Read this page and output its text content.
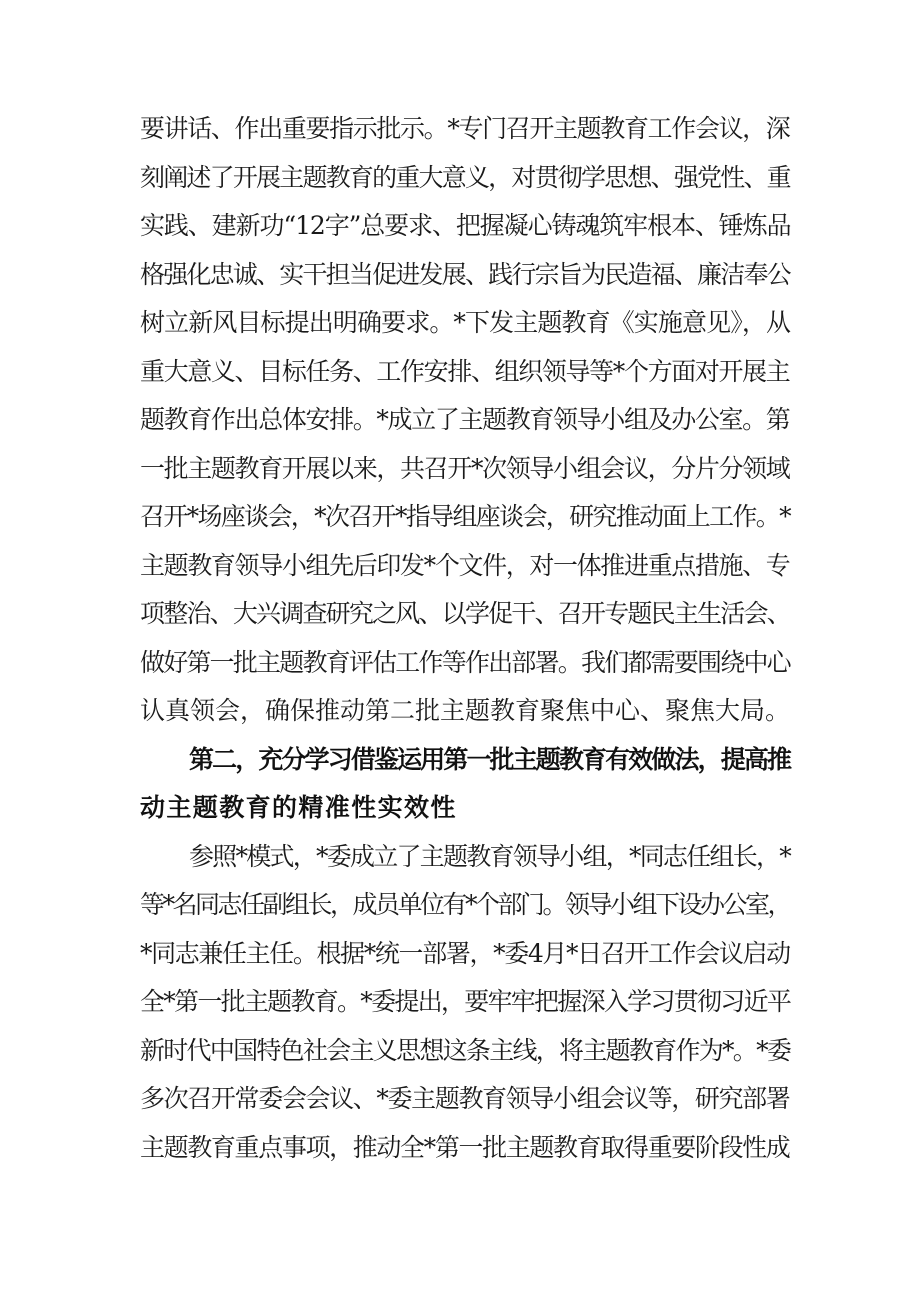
要讲话、作出重要指示批示。*专门召开主题教育工作会议，深
刻阐述了开展主题教育的重大意义，对贯彻学思想、强党性、重
实践、建新功“12字”总要求、把握凝心铸魂筑牢根本、锤炼品
格强化忠诚、实干担当促进发展、践行宗旨为民造福、廉洁奉公
树立新风目标提出明确要求。*下发主题教育《实施意见》，从
重大意义、目标任务、工作安排、组织领导等*个方面对开展主
题教育作出总体安排。*成立了主题教育领导小组及办公室。第
一批主题教育开展以来，共召开*次领导小组会议，分片分领域
召开*场座谈会，*次召开*指导组座谈会，研究推动面上工作。*
主题教育领导小组先后印发*个文件，对一体推进重点措施、专
项整治、大兴调查研究之风、以学促干、召开专题民主生活会、
做好第一批主题教育评估工作等作出部署。我们都需要围绕中心
认真领会，确保推动第二批主题教育聚焦中心、聚焦大局。
第二，充分学习借鉴运用第一批主题教育有效做法，提高推
动主题教育的精准性实效性
参照*模式，*委成立了主题教育领导小组，*同志任组长，*
等*名同志任副组长，成员单位有*个部门。领导小组下设办公室，
*同志兼任主任。根据*统一部署，*委4月*日召开工作会议启动
全*第一批主题教育。*委提出，要牢牢把握深入学习贯彻习近平
新时代中国特色社会主义思想这条主线，将主题教育作为*。*委
多次召开常委会会议、*委主题教育领导小组会议等，研究部署
主题教育重点事项，推动全*第一批主题教育取得重要阶段性成
